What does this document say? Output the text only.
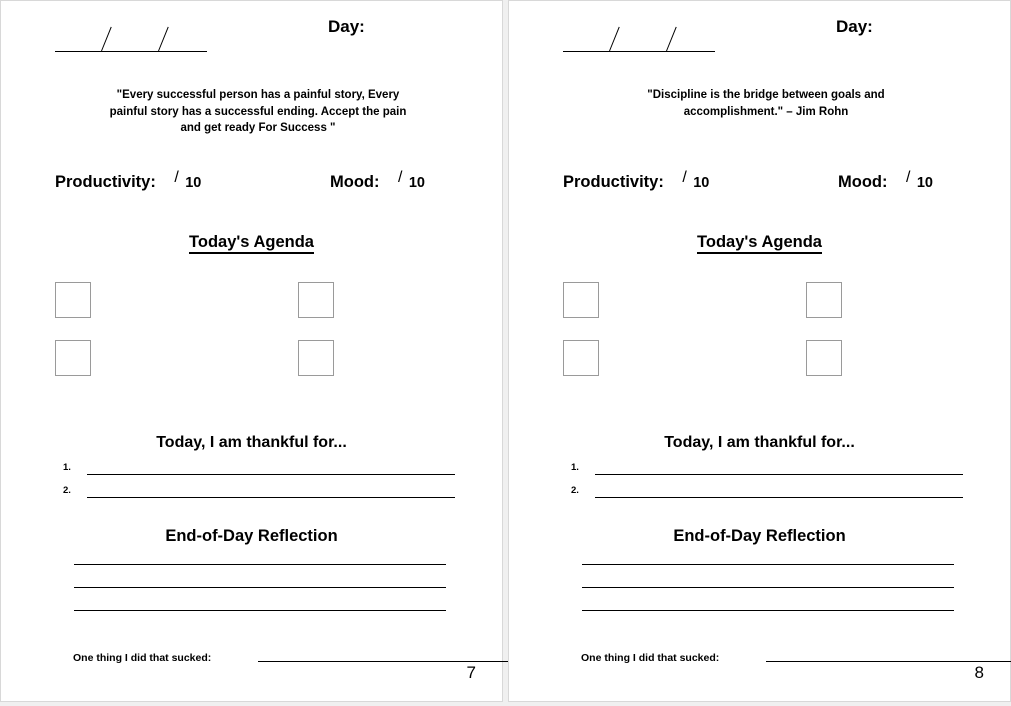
Day:
"Every successful person has a painful story, Every painful story has a successful ending. Accept the pain and get ready For Success "
Productivity: / 10	Mood: / 10
Today's Agenda
Today, I am thankful for...
1.
2.
End-of-Day Reflection
One thing I did that sucked:
7
Day:
"Discipline is the bridge between goals and accomplishment." – Jim Rohn
Productivity: / 10	Mood: / 10
Today's Agenda
Today, I am thankful for...
1.
2.
End-of-Day Reflection
One thing I did that sucked:
8
